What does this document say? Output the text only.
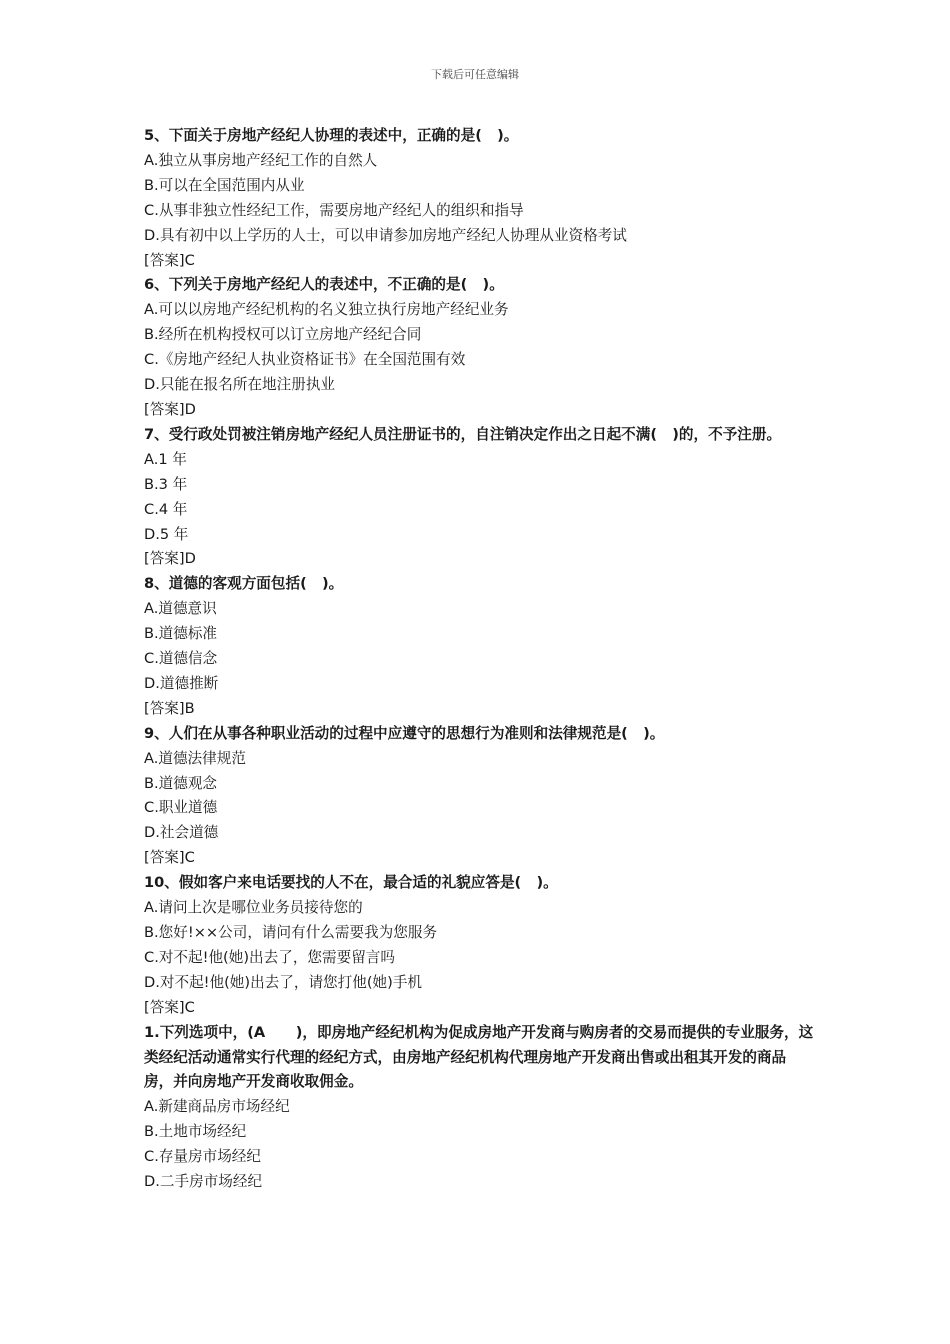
下载后可任意编辑
5、下面关于房地产经纪人协理的表述中，正确的是(   )。
A.独立从事房地产经纪工作的自然人
B.可以在全国范围内从业
C.从事非独立性经纪工作，需要房地产经纪人的组织和指导
D.具有初中以上学历的人士，可以申请参加房地产经纪人协理从业资格考试
[答案]C
6、下列关于房地产经纪人的表述中，不正确的是(   )。
A.可以以房地产经纪机构的名义独立执行房地产经纪业务
B.经所在机构授权可以订立房地产经纪合同
C.《房地产经纪人执业资格证书》在全国范围有效
D.只能在报名所在地注册执业
[答案]D
7、受行政处罚被注销房地产经纪人员注册证书的，自注销决定作出之日起不满(   )的，不予注册。
A.1 年
B.3 年
C.4 年
D.5 年
[答案]D
8、道德的客观方面包括(   )。
A.道德意识
B.道德标准
C.道德信念
D.道德推断
[答案]B
9、人们在从事各种职业活动的过程中应遵守的思想行为准则和法律规范是(   )。
A.道德法律规范
B.道德观念
C.职业道德
D.社会道德
[答案]C
10、假如客户来电话要找的人不在，最合适的礼貌应答是(   )。
A.请问上次是哪位业务员接待您的
B.您好!××公司，请问有什么需要我为您服务
C.对不起!他(她)出去了，您需要留言吗
D.对不起!他(她)出去了，请您打他(她)手机
[答案]C
1.下列选项中，(A      )，即房地产经纪机构为促成房地产开发商与购房者的交易而提供的专业服务，这类经纪活动通常实行代理的经纪方式，由房地产经纪机构代理房地产开发商出售或出租其开发的商品房，并向房地产开发商收取佣金。
A.新建商品房市场经纪
B.土地市场经纪
C.存量房市场经纪
D.二手房市场经纪
